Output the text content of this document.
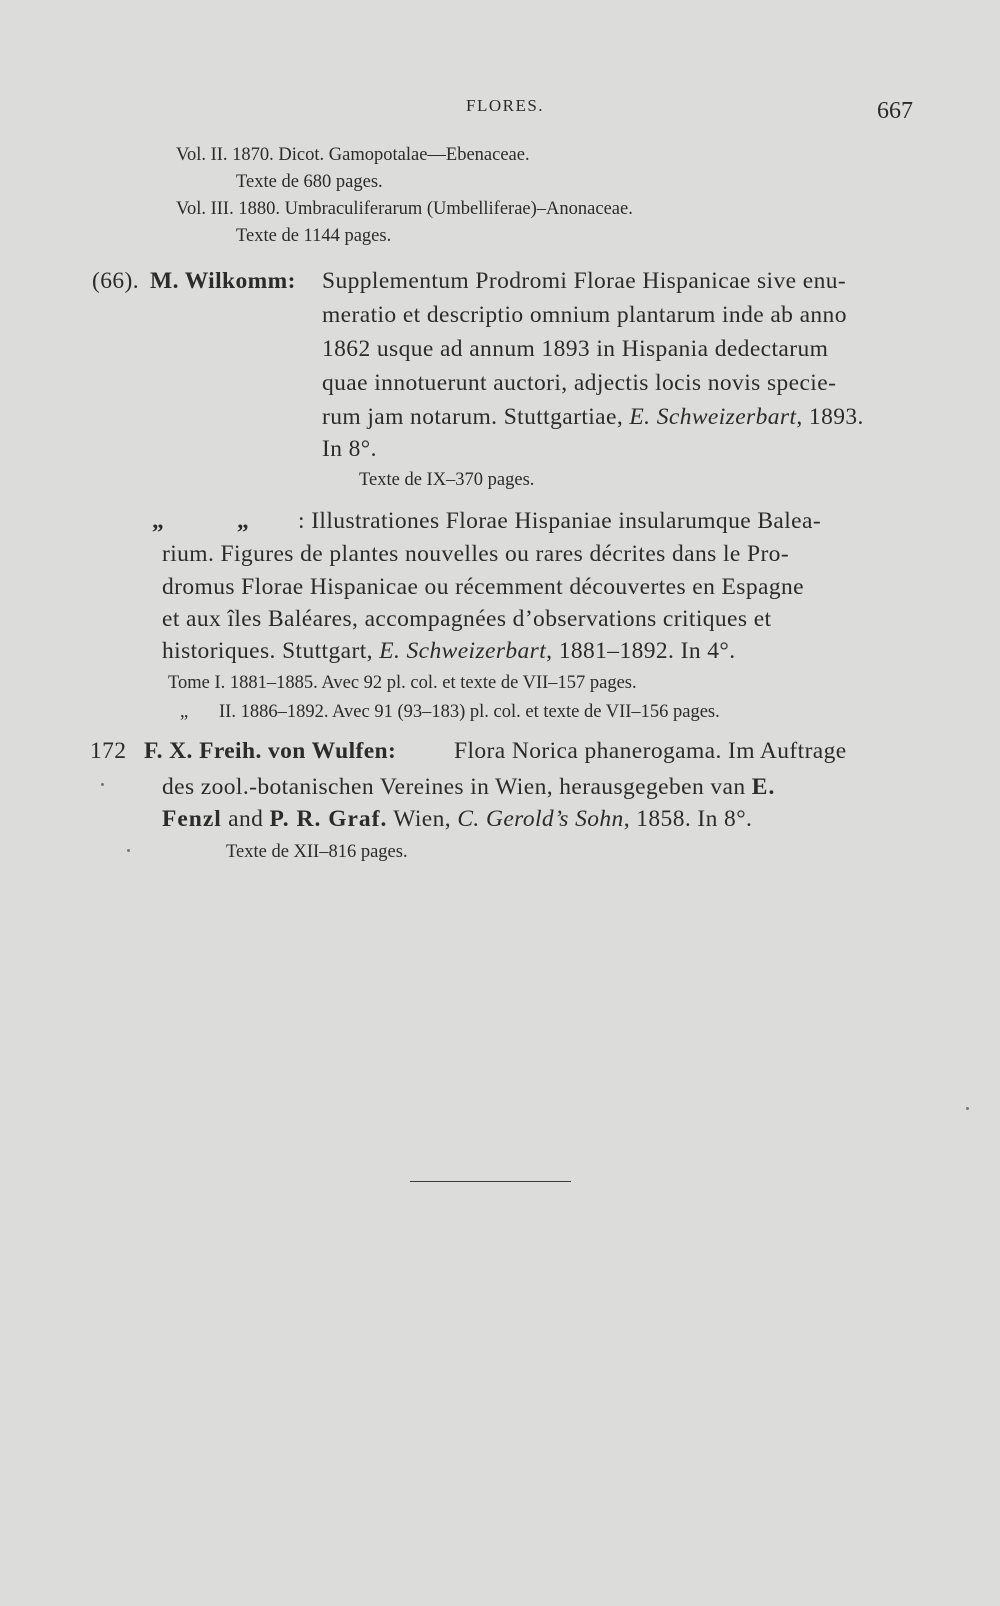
FLORES.	667
Vol. II. 1870. Dicot. Gamopotalae—Ebenaceae.
Texte de 680 pages.
Vol. III. 1880. Umbraculiferarum (Umbelliferae)–Anonaceae.
Texte de 1144 pages.
(66). M. Wilkomm: Supplementum Prodromi Florae Hispanicae sive enu-
meratio et descriptio omnium plantarum inde ab anno
1862 usque ad annum 1893 in Hispania dedectarum
quae innotuerunt auctori, adjectis locis novis specie-
rum jam notarum. Stuttgartiae, E. Schweizerbart, 1893.
In 8°.
Texte de IX–370 pages.
„	„ : Illustrationes Florae Hispaniae insularumque Balea-
rium. Figures de plantes nouvelles ou rares décrites dans le Pro-
dromus Florae Hispanicae ou récemment découvertes en Espagne
et aux îles Baléares, accompagnées d’observations critiques et
historiques. Stuttgart, E. Schweizerbart, 1881–1892. In 4°.
Tome I. 1881–1885. Avec 92 pl. col. et texte de VII–157 pages.
„ II. 1886–1892. Avec 91 (93–183) pl. col. et texte de VII–156 pages.
172 F. X. Freih. von Wulfen: Flora Norica phanerogama. Im Auftrage
des zool.-botanischen Vereines in Wien, herausgegeben van E.
Fenzl and P. R. Graf. Wien, C. Gerold’s Sohn, 1858. In 8°.
Texte de XII–816 pages.
